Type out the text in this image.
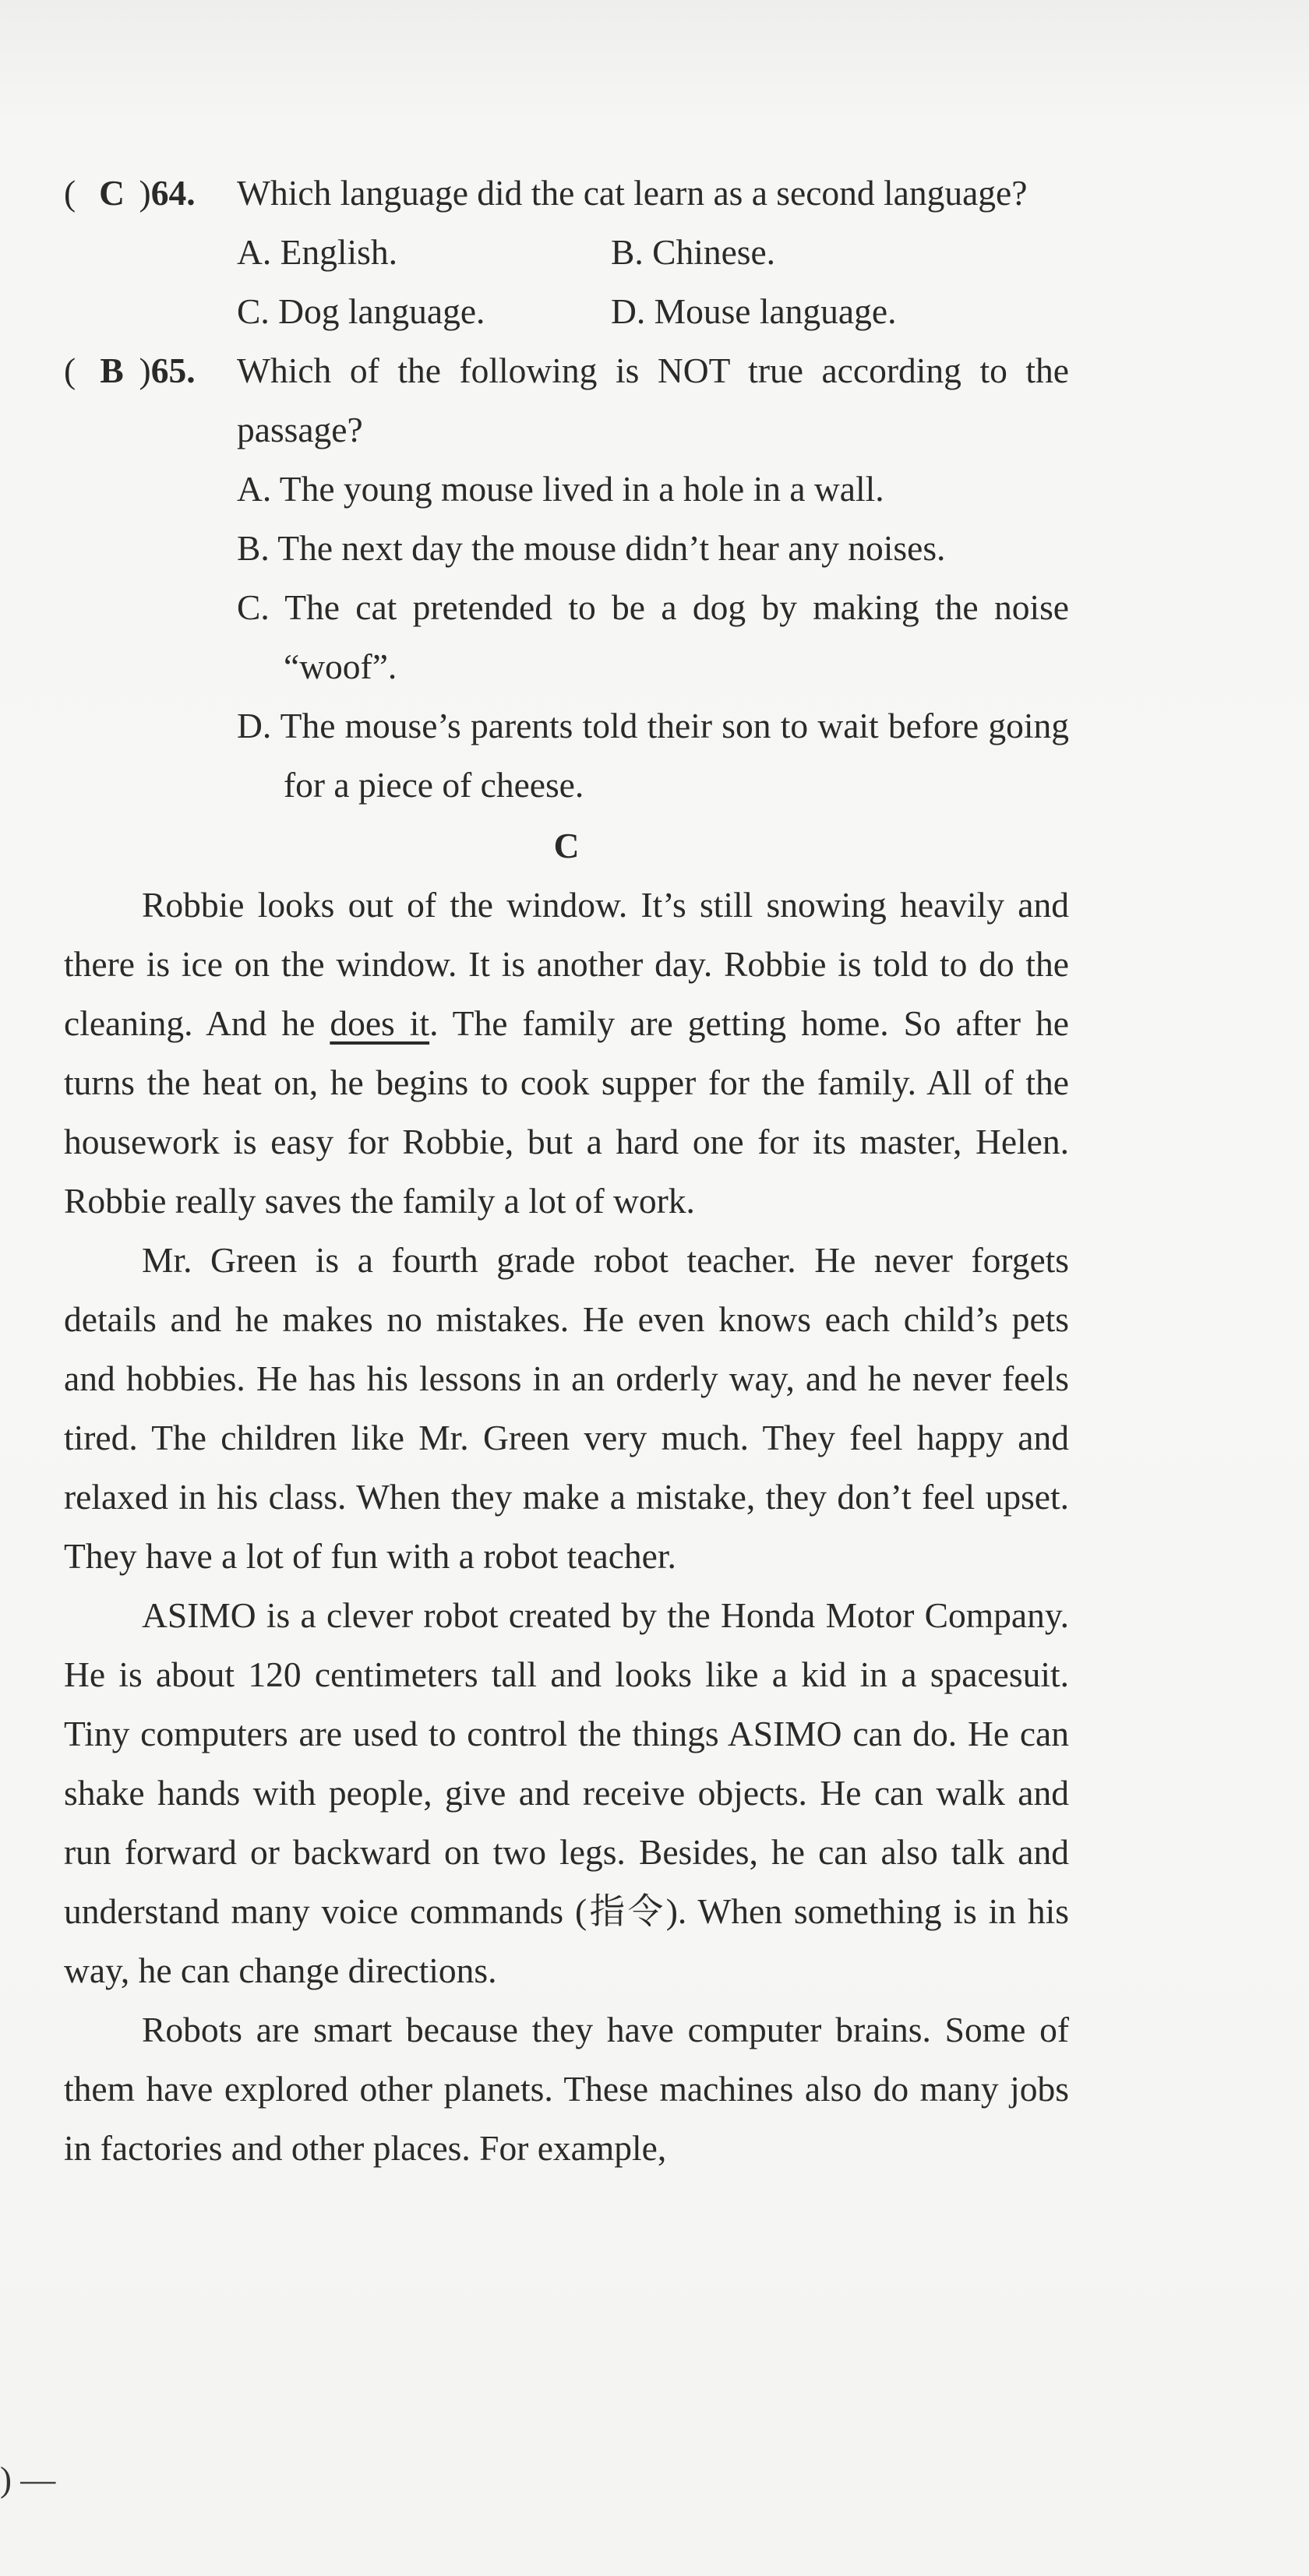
( C )64. Which language did the cat learn as a second language?
A. English.	B. Chinese.
C. Dog language.	D. Mouse language.
( B )65. Which of the following is NOT true according to the passage?
A. The young mouse lived in a hole in a wall.
B. The next day the mouse didn’t hear any noises.
C. The cat pretended to be a dog by making the noise “woof”.
D. The mouse’s parents told their son to wait before going for a piece of cheese.
C
Robbie looks out of the window. It’s still snowing heavily and there is ice on the window. It is another day. Robbie is told to do the cleaning. And he does it. The family are getting home. So after he turns the heat on, he begins to cook supper for the family. All of the housework is easy for Robbie, but a hard one for its master, Helen. Robbie really saves the family a lot of work.
Mr. Green is a fourth grade robot teacher. He never forgets details and he makes no mistakes. He even knows each child’s pets and hobbies. He has his lessons in an orderly way, and he never feels tired. The children like Mr. Green very much. They feel happy and relaxed in his class. When they make a mistake, they don’t feel upset. They have a lot of fun with a robot teacher.
ASIMO is a clever robot created by the Honda Motor Company. He is about 120 centimeters tall and looks like a kid in a spacesuit. Tiny computers are used to control the things ASIMO can do. He can shake hands with people, give and receive objects. He can walk and run forward or backward on two legs. Besides, he can also talk and understand many voice commands (指令). When something is in his way, he can change directions.
Robots are smart because they have computer brains. Some of them have explored other planets. These machines also do many jobs in factories and other places. For example,
) —
